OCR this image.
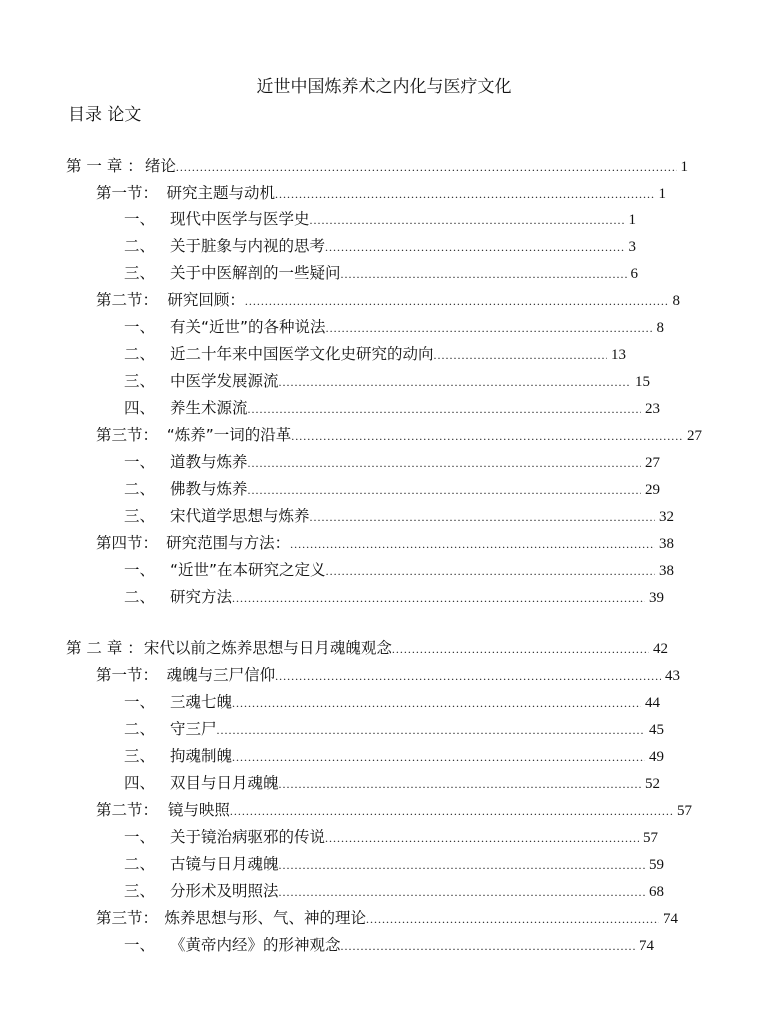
近世中国炼养术之内化与医疗文化
目录 论文
第 一 章 ： 绪论 .....	1
第一节： 研究主题与动机 .....	1
一、 现代中医学与医学史 .....	1
二、 关于脏象与内视的思考 .....	3
三、 关于中医解剖的一些疑问 .....	6
第二节： 研究回顾： .....	8
一、 有关“近世”的各种说法 .....	8
二、 近二十年来中国医学文化史研究的动向 .....	13
三、 中医学发展源流 .....	15
四、 养生术源流 .....	23
第三节： “炼养”一词的沿革 .....	27
一、 道教与炼养 .....	27
二、 佛教与炼养 .....	29
三、 宋代道学思想与炼养 .....	32
第四节： 研究范围与方法： .....	38
一、 “近世”在本研究之定义 .....	38
二、 研究方法 .....	39
第 二 章 ： 宋代以前之炼养思想与日月魂魄观念 .....	42
第一节： 魂魄与三尸信仰 .....	43
一、 三魂七魄 .....	44
二、 守三尸 .....	45
三、 拘魂制魄 .....	49
四、 双目与日月魂魄 .....	52
第二节： 镜与映照 .....	57
一、 关于镜治病驱邪的传说 .....	57
二、 古镜与日月魂魄 .....	59
三、 分形术及明照法 .....	68
第三节： 炼养思想与形、气、神的理论 .....	74
一、 《黄帝内经》的形神观念 .....	74
